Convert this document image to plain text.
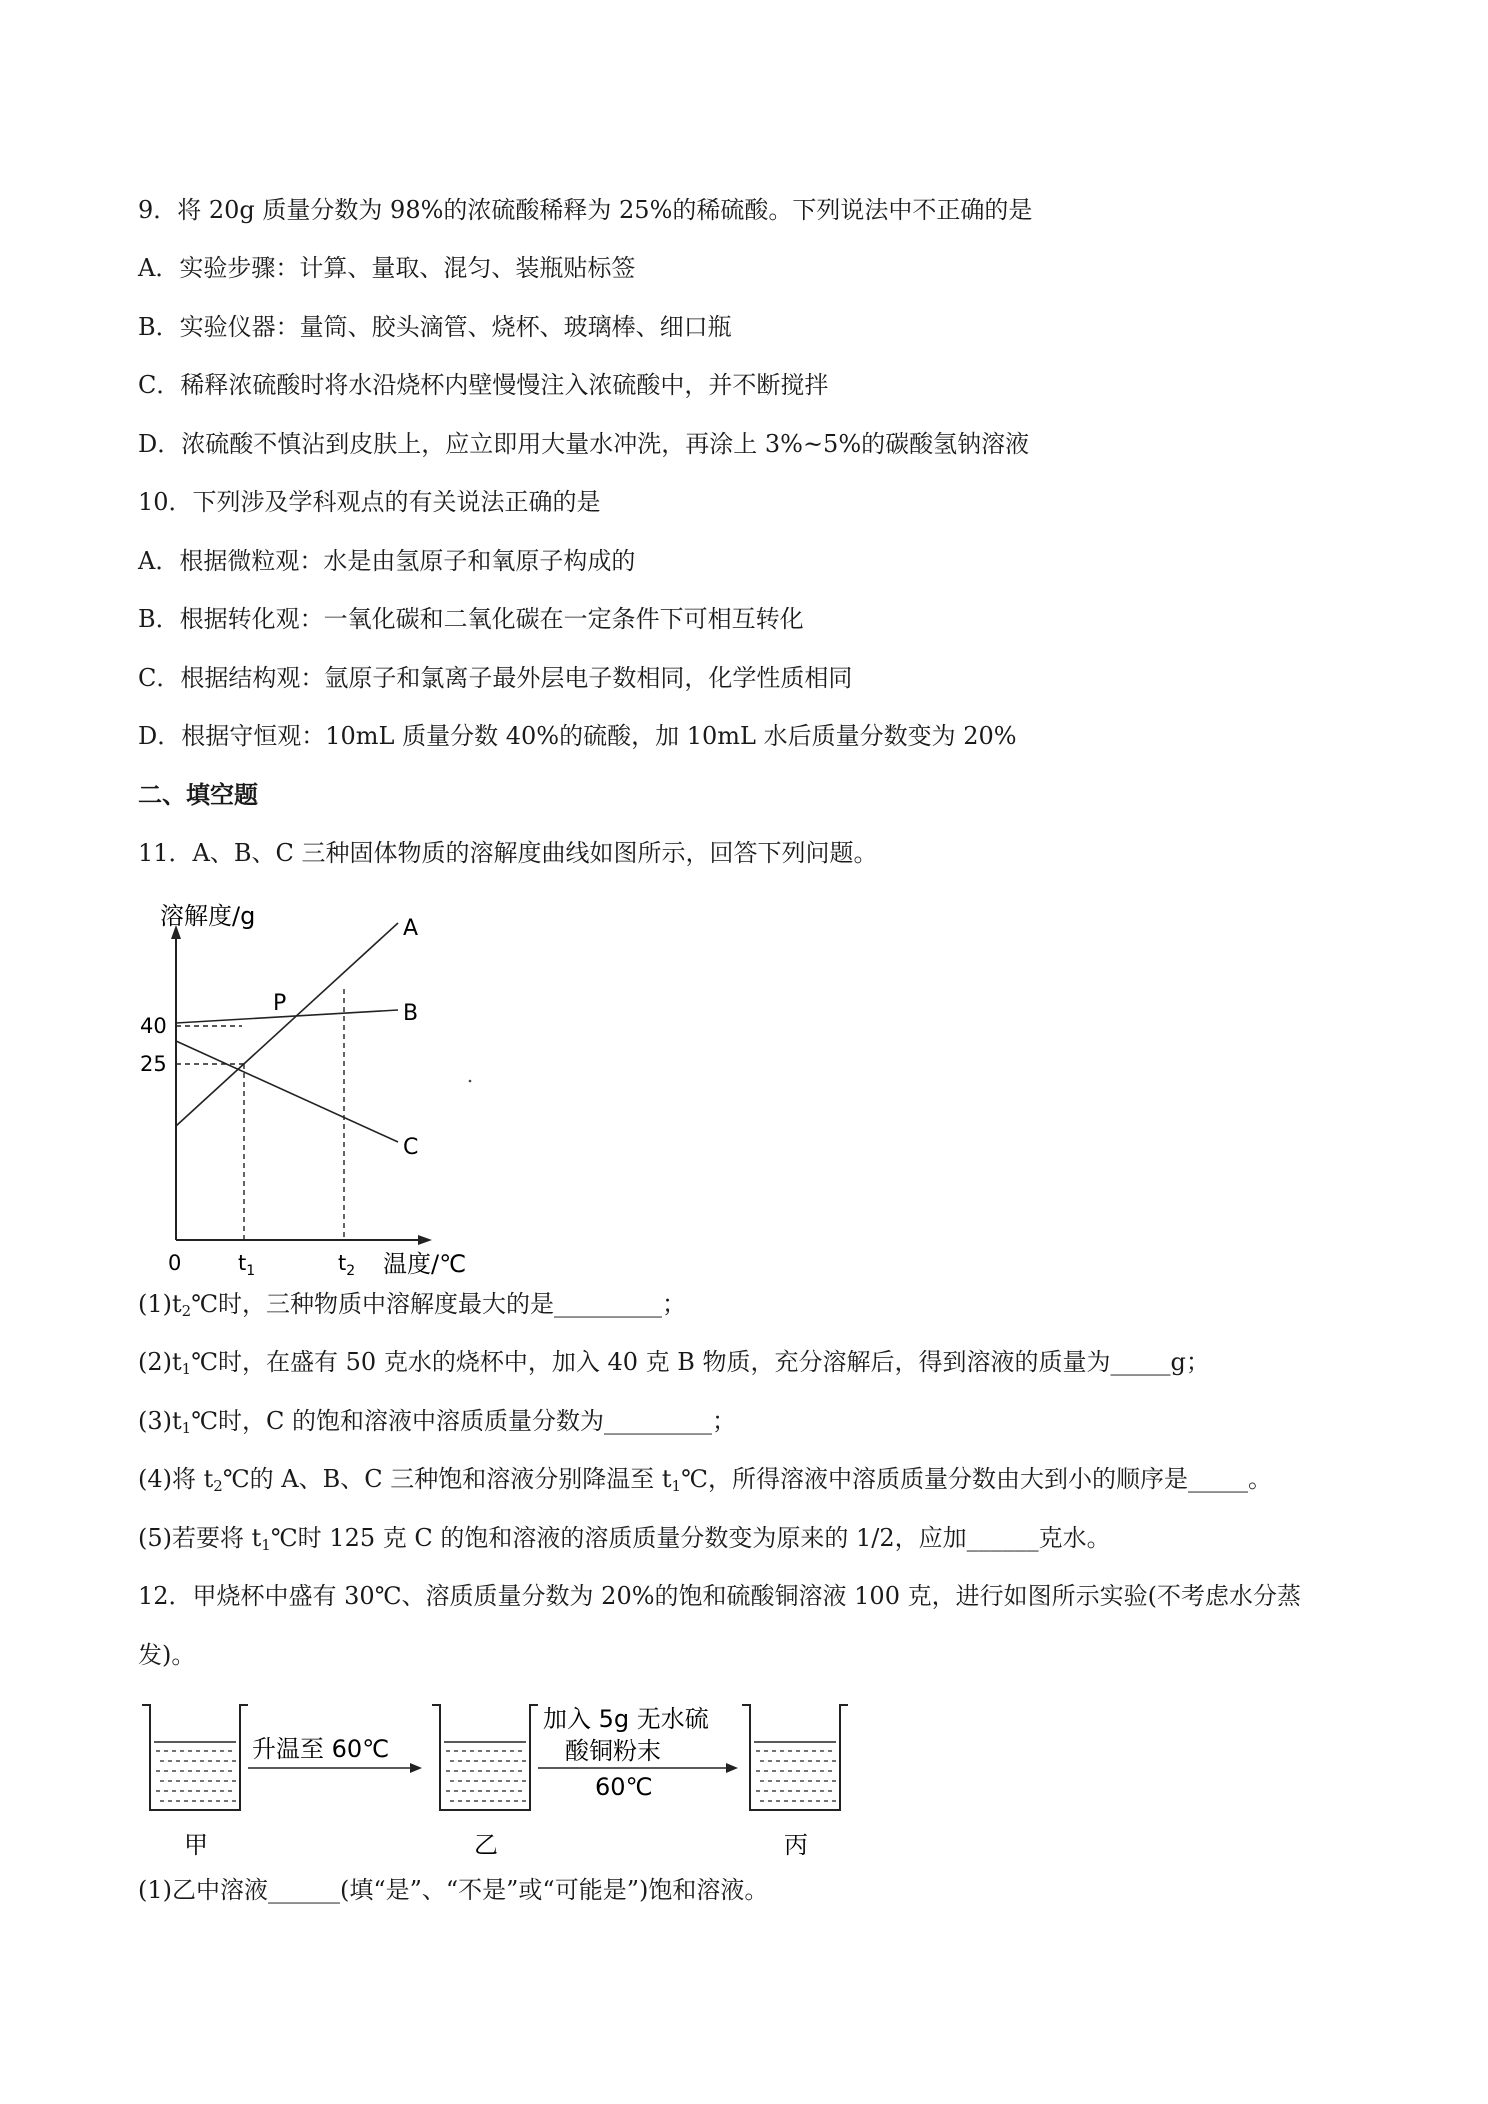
9．将 20g 质量分数为 98%的浓硫酸稀释为 25%的稀硫酸。下列说法中不正确的是
A．实验步骤：计算、量取、混匀、装瓶贴标签
B．实验仪器：量筒、胶头滴管、烧杯、玻璃棒、细口瓶
C．稀释浓硫酸时将水沿烧杯内壁慢慢注入浓硫酸中，并不断搅拌
D．浓硫酸不慎沾到皮肤上，应立即用大量水冲洗，再涂上 3%~5%的碳酸氢钠溶液
10．下列涉及学科观点的有关说法正确的是
A．根据微粒观：水是由氢原子和氧原子构成的
B．根据转化观：一氧化碳和二氧化碳在一定条件下可相互转化
C．根据结构观：氩原子和氯离子最外层电子数相同，化学性质相同
D．根据守恒观：10mL 质量分数 40%的硫酸，加 10mL 水后质量分数变为 20%
二、填空题
11．A、B、C 三种固体物质的溶解度曲线如图所示，回答下列问题。
溶解度/g
温度/℃
0
40
25
$t_1$	$t_2$
A
B
C
P
$(1)t_2℃$时，三种物质中溶解度最大的是_________；
$(2)t_1℃$时，在盛有 50 克水的烧杯中，加入 40 克 B 物质，充分溶解后，得到溶液的质量为_____g；
$(3)t_1℃$时，C 的饱和溶液中溶质质量分数为_________；
(4)将 $t_2℃$的 A、B、C 三种饱和溶液分别降温至 $t_1℃$，所得溶液中溶质质量分数由大到小的顺序是_____。
(5)若要将 $t_1℃$时 125 克 C 的饱和溶液的溶质质量分数变为原来的 1/2，应加______克水。
12．甲烧杯中盛有 30℃、溶质质量分数为 20%的饱和硫酸铜溶液 100 克，进行如图所示实验(不考虑水分蒸
发)。
甲
升温至 60℃
乙
加入 5g 无水硫
酸铜粉末
60℃
丙
(1)乙中溶液______(填“是”、“不是”或“可能是”)饱和溶液。
